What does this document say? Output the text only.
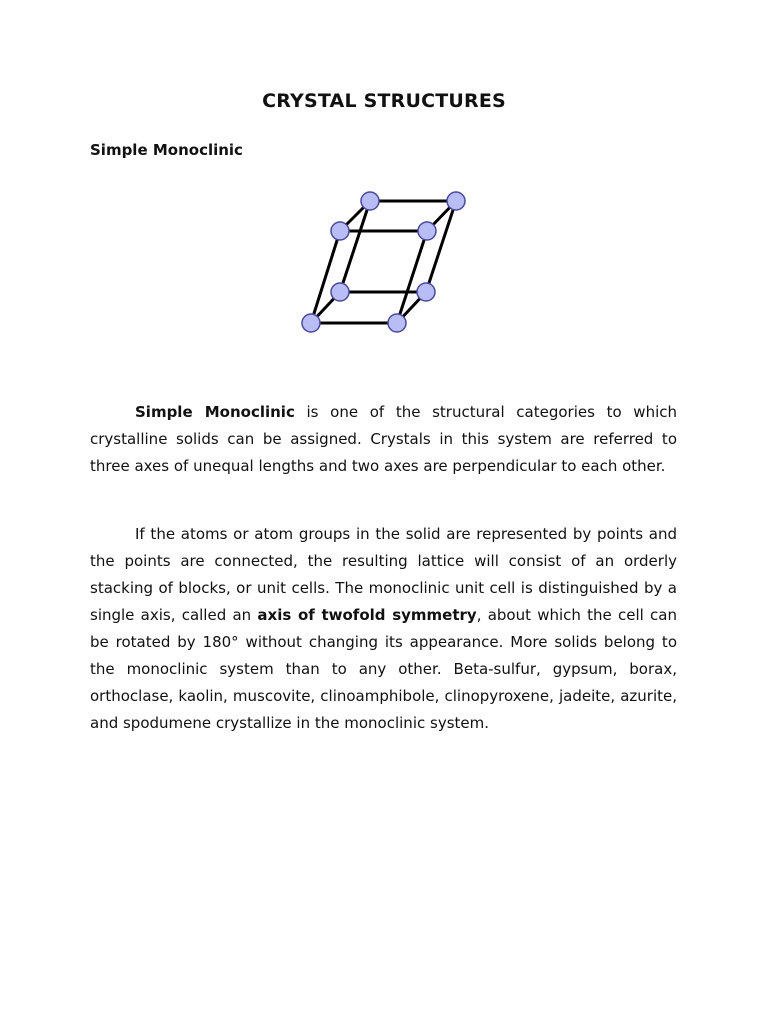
CRYSTAL STRUCTURES
Simple Monoclinic

Simple Monoclinic is one of the structural categories to which crystalline solids can be assigned. Crystals in this system are referred to three axes of unequal lengths and two axes are perpendicular to each other.

If the atoms or atom groups in the solid are represented by points and the points are connected, the resulting lattice will consist of an orderly stacking of blocks, or unit cells. The monoclinic unit cell is distinguished by a single axis, called an axis of twofold symmetry, about which the cell can be rotated by 180° without changing its appearance. More solids belong to the monoclinic system than to any other. Beta-sulfur, gypsum, borax, orthoclase, kaolin, muscovite, clinoamphibole, clinopyroxene, jadeite, azurite, and spodumene crystallize in the monoclinic system.
